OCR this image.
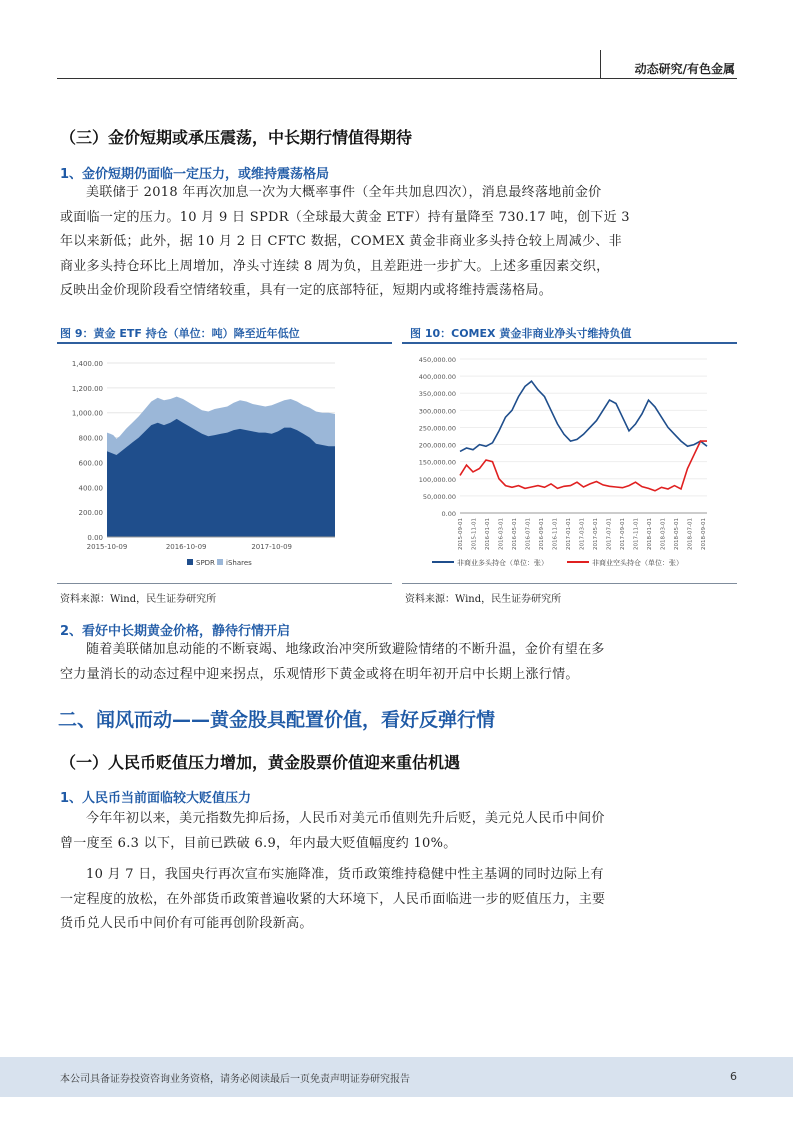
动态研究/有色金属
（三）金价短期或承压震荡，中长期行情值得期待
1、金价短期仍面临一定压力，或维持震荡格局
美联储于 2018 年再次加息一次为大概率事件（全年共加息四次），消息最终落地前金价
或面临一定的压力。10 月 9 日 SPDR（全球最大黄金 ETF）持有量降至 730.17 吨，创下近 3
年以来新低；此外，据 10 月 2 日 CFTC 数据，COMEX 黄金非商业多头持仓较上周减少、非
商业多头持仓环比上周增加，净头寸连续 8 周为负，且差距进一步扩大。上述多重因素交织，
反映出金价现阶段看空情绪较重，具有一定的底部特征，短期内或将维持震荡格局。
图 9：黄金 ETF 持仓（单位：吨）降至近年低位
0.00
200.00
400.00
600.00
800.00
1,000.00
1,200.00
1,400.00
2015-10-09	2016-10-09	2017-10-09
SPDR iShares
资料来源：Wind，民生证券研究所
图 10：COMEX 黄金非商业净头寸维持负值
0.00
50,000.00
100,000.00
150,000.00
200,000.00
250,000.00
300,000.00
350,000.00
400,000.00
450,000.00
2015-09-01 2015-11-01 2016-01-01 2016-03-01 2016-05-01 2016-07-01 2016-09-01 2016-11-01 2017-01-01 2017-03-01 2017-05-01 2017-07-01 2017-09-01 2017-11-01 2018-01-01 2018-03-01 2018-05-01 2018-07-01 2018-09-01
非商业多头持仓（单位：张）	非商业空头持仓（单位：张）
资料来源：Wind，民生证券研究所
2、看好中长期黄金价格，静待行情开启
随着美联储加息动能的不断衰竭、地缘政治冲突所致避险情绪的不断升温，金价有望在多
空力量消长的动态过程中迎来拐点，乐观情形下黄金或将在明年初开启中长期上涨行情。
二、闻风而动——黄金股具配置价值，看好反弹行情
（一）人民币贬值压力增加，黄金股票价值迎来重估机遇
1、人民币当前面临较大贬值压力
今年年初以来，美元指数先抑后扬，人民币对美元币值则先升后贬，美元兑人民币中间价
曾一度至 6.3 以下，目前已跌破 6.9，年内最大贬值幅度约 10%。
10 月 7 日，我国央行再次宣布实施降准，货币政策维持稳健中性主基调的同时边际上有
一定程度的放松，在外部货币政策普遍收紧的大环境下，人民币面临进一步的贬值压力，主要
货币兑人民币中间价有可能再创阶段新高。
本公司具备证券投资咨询业务资格，请务必阅读最后一页免责声明证券研究报告	6
